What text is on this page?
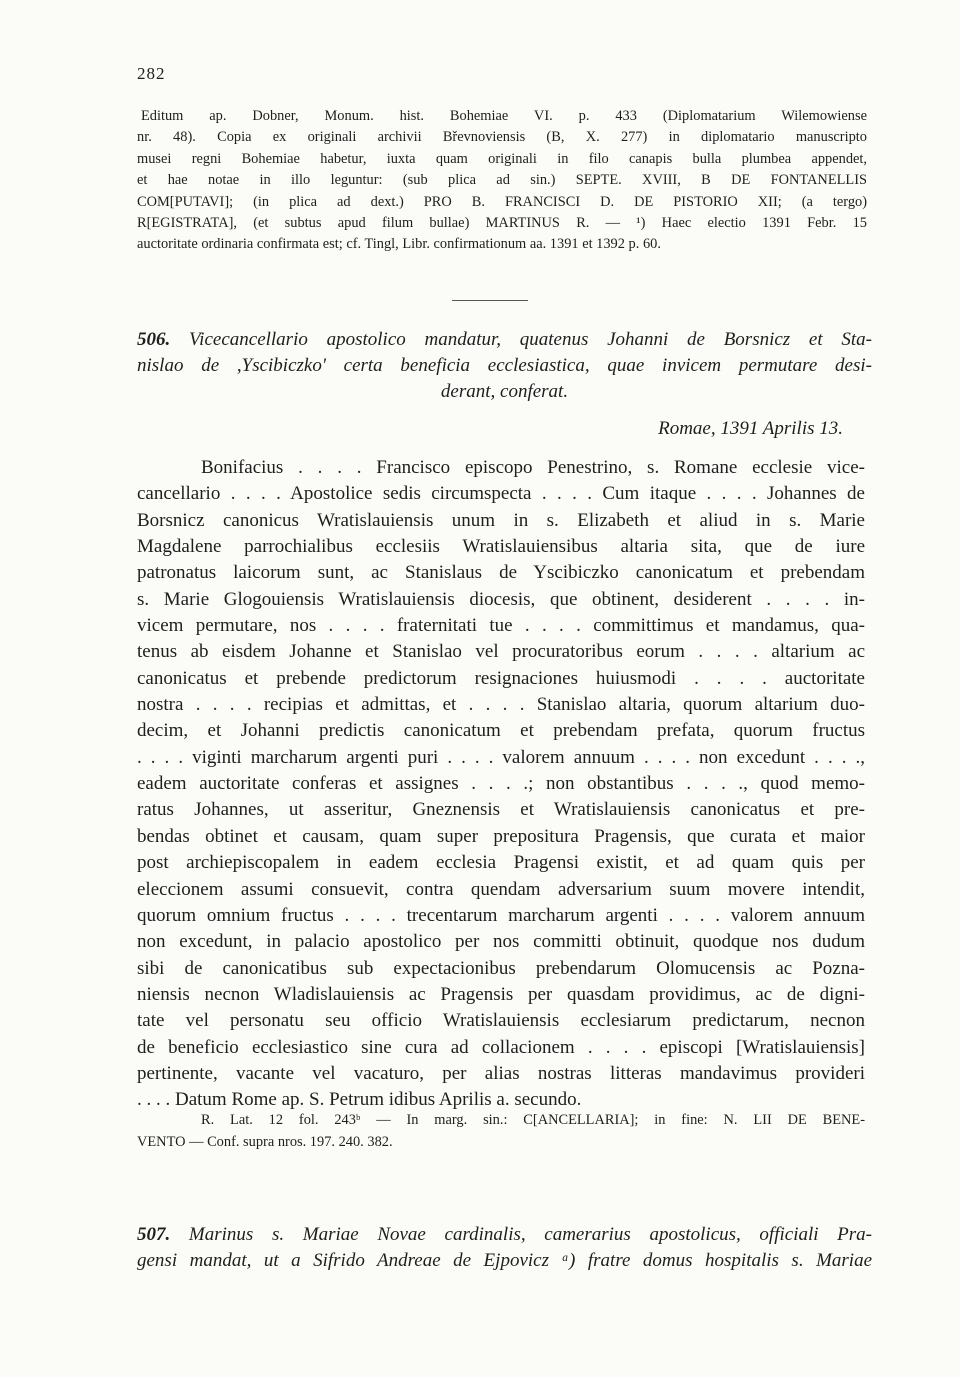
282
Editum ap. Dobner, Monum. hist. Bohemiae VI. p. 433 (Diplomatarium Wilemowiense
nr. 48). Copia ex originali archivii Břevnoviensis (B, X. 277) in diplomatario manuscripto
musei regni Bohemiae habetur, iuxta quam originali in filo canapis bulla plumbea appendet,
et hae notae in illo leguntur: (sub plica ad sin.) SEPTE. XVIII, B DE FONTANELLIS
COM[PUTAVI]; (in plica ad dext.) PRO B. FRANCISCI D. DE PISTORIO XII; (a tergo)
R[EGISTRATA], (et subtus apud filum bullae) MARTINUS R. — ¹) Haec electio 1391 Febr. 15
auctoritate ordinaria confirmata est; cf. Tingl, Libr. confirmationum aa. 1391 et 1392 p. 60.
506. Vicecancellario apostolico mandatur, quatenus Johanni de Borsnicz et Sta-
nislao de ,Yscibiczko' certa beneficia ecclesiastica, quae invicem permutare desi-
derant, conferat.
Romae, 1391 Aprilis 13.
Bonifacius . . . . Francisco episcopo Penestrino, s. Romane ecclesie vice-
cancellario . . . . Apostolice sedis circumspecta . . . . Cum itaque . . . . Johannes de
Borsnicz canonicus Wratislauiensis unum in s. Elizabeth et aliud in s. Marie
Magdalene parrochialibus ecclesiis Wratislauiensibus altaria sita, que de iure
patronatus laicorum sunt, ac Stanislaus de Yscibiczko canonicatum et prebendam
s. Marie Glogouiensis Wratislauiensis diocesis, que obtinent, desiderent . . . . in-
vicem permutare, nos . . . . fraternitati tue . . . . committimus et mandamus, qua-
tenus ab eisdem Johanne et Stanislao vel procuratoribus eorum . . . . altarium ac
canonicatus et prebende predictorum resignaciones huiusmodi . . . . auctoritate
nostra . . . . recipias et admittas, et . . . . Stanislao altaria, quorum altarium duo-
decim, et Johanni predictis canonicatum et prebendam prefata, quorum fructus
. . . . viginti marcharum argenti puri . . . . valorem annuum . . . . non excedunt . . . .,
eadem auctoritate conferas et assignes . . . .; non obstantibus . . . ., quod memo-
ratus Johannes, ut asseritur, Gneznensis et Wratislauiensis canonicatus et pre-
bendas obtinet et causam, quam super prepositura Pragensis, que curata et maior
post archiepiscopalem in eadem ecclesia Pragensi existit, et ad quam quis per
eleccionem assumi consuevit, contra quendam adversarium suum movere intendit,
quorum omnium fructus . . . . trecentarum marcharum argenti . . . . valorem annuum
non excedunt, in palacio apostolico per nos committi obtinuit, quodque nos dudum
sibi de canonicatibus sub expectacionibus prebendarum Olomucensis ac Pozna-
niensis necnon Wladislauiensis ac Pragensis per quasdam providimus, ac de digni-
tate vel personatu seu officio Wratislauiensis ecclesiarum predictarum, necnon
de beneficio ecclesiastico sine cura ad collacionem . . . . episcopi [Wratislauiensis]
pertinente, vacante vel vacaturo, per alias nostras litteras mandavimus provideri
. . . . Datum Rome ap. S. Petrum idibus Aprilis a. secundo.
R. Lat. 12 fol. 243ᵇ — In marg. sin.: C[ANCELLARIA]; in fine: N. LII DE BENE-
VENTO — Conf. supra nros. 197. 240. 382.
507. Marinus s. Mariae Novae cardinalis, camerarius apostolicus, officiali Pra-
gensi mandat, ut a Sifrido Andreae de Ejpovicz ᵃ) fratre domus hospitalis s. Mariae
